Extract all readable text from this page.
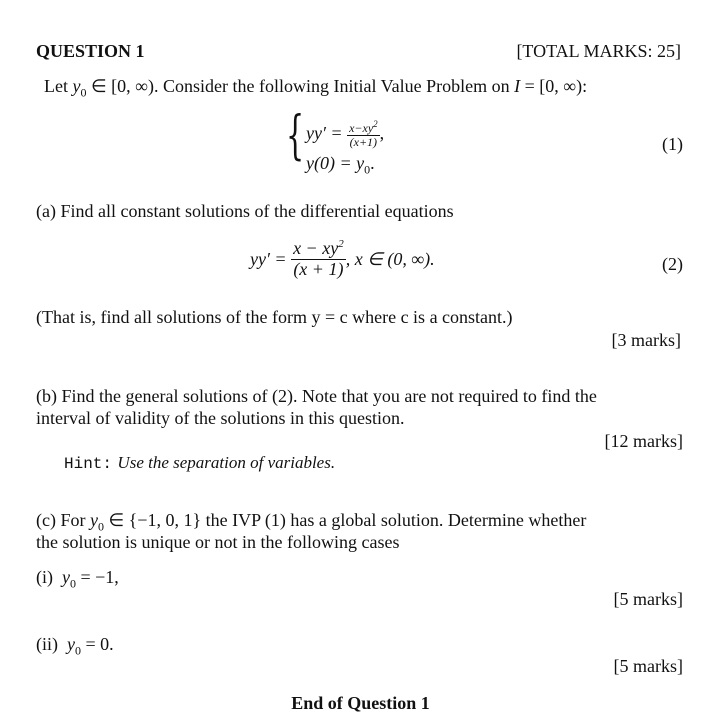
QUESTION 1	[TOTAL MARKS: 25]
Let $y_0$ ∈ [0, ∞). Consider the following Initial Value Problem on I = [0, ∞):
{ $yy' = \frac{x-xy^2}{(x+1)}$ ,
$y(0) = y_0$.
(1)
(a) Find all constant solutions of the differential equations
$yy' = \frac{x - xy^2}{(x + 1)}$ , x ∈ (0, ∞).	(2)
(That is, find all solutions of the form y = c where c is a constant.)
[3 marks]
(b) Find the general solutions of (2). Note that you are not required to find the
interval of validity of the solutions in this question.
[12 marks]
Hint: Use the separation of variables.
(c) For $y_0$ ∈ {−1, 0, 1} the IVP (1) has a global solution. Determine whether
the solution is unique or not in the following cases
(i) $y_0 = -1$,
[5 marks]
(ii) $y_0 = 0$.
[5 marks]
End of Question 1
